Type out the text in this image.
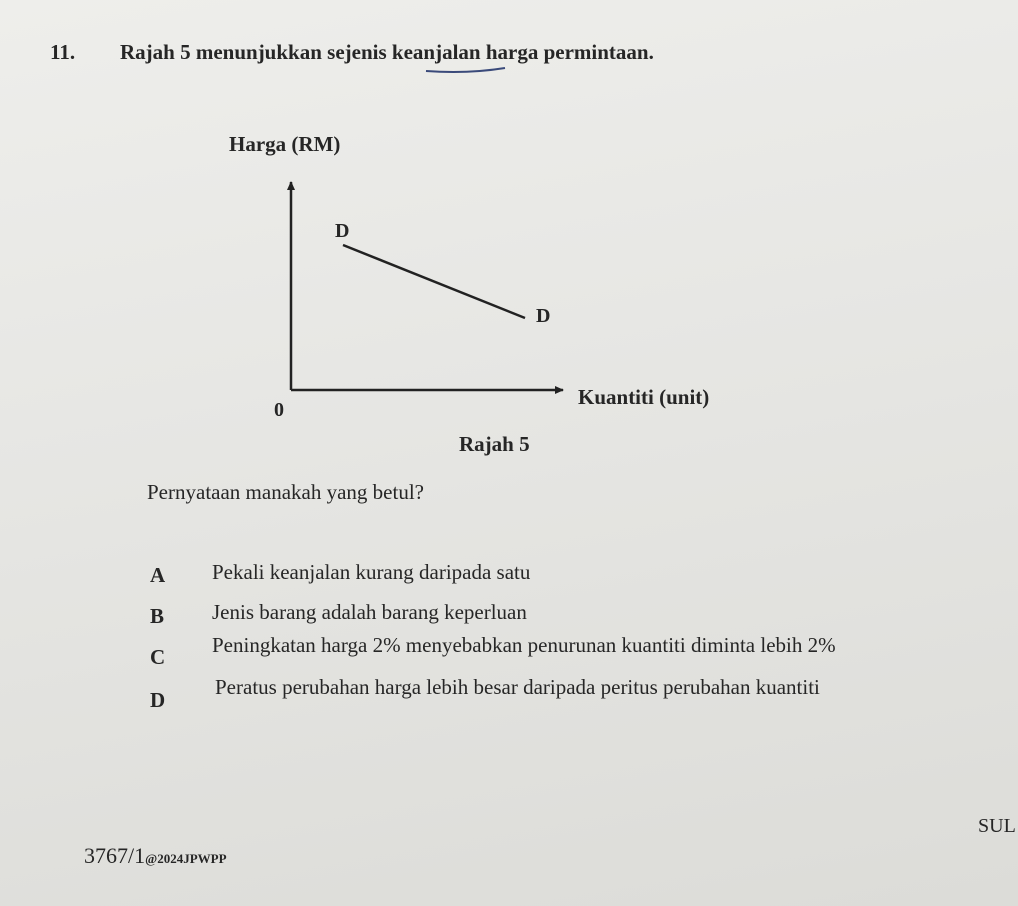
11. Rajah 5 menunjukkan sejenis keanjalan harga permintaan.
Harga (RM)
D
D
0
Kuantiti (unit)
Rajah 5
Pernyataan manakah yang betul?
A Pekali keanjalan kurang daripada satu
B Jenis barang adalah barang keperluan
C Peningkatan harga 2% menyebabkan penurunan kuantiti diminta lebih 2%
D
Peratus perubahan harga lebih besar daripada peritus perubahan kuantiti
3767/1@2024JPWPP
SUL
